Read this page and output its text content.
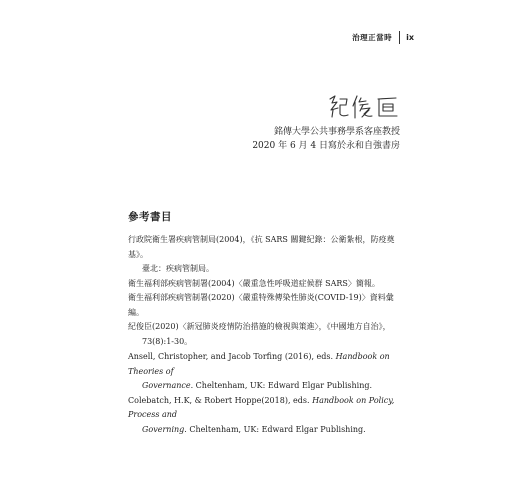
治理正當時 ix
銘傳大學公共事務學系客座教授
2020 年 6 月 4 日寫於永和自強書房
參考書目

行政院衛生署疾病管制局(2004)，《抗 SARS 關鍵紀錄：公衛紮根，防疫奠基》。
臺北：疾病管制局。

衛生福利部疾病管制署(2004)〈嚴重急性呼吸道症候群 SARS〉簡報。

衛生福利部疾病管制署(2020)〈嚴重特殊傳染性肺炎(COVID-19)〉資料彙編。

紀俊臣(2020)〈新冠肺炎疫情防治措施的檢視與策進〉，《中國地方自治》，
73(8):1-30。

Ansell, Christopher, and Jacob Torfing (2016), eds. Handbook on Theories of
Governance. Cheltenham, UK: Edward Elgar Publishing.

Colebatch, H.K, & Robert Hoppe(2018), eds. Handbook on Policy, Process and
Governing. Cheltenham, UK: Edward Elgar Publishing.
